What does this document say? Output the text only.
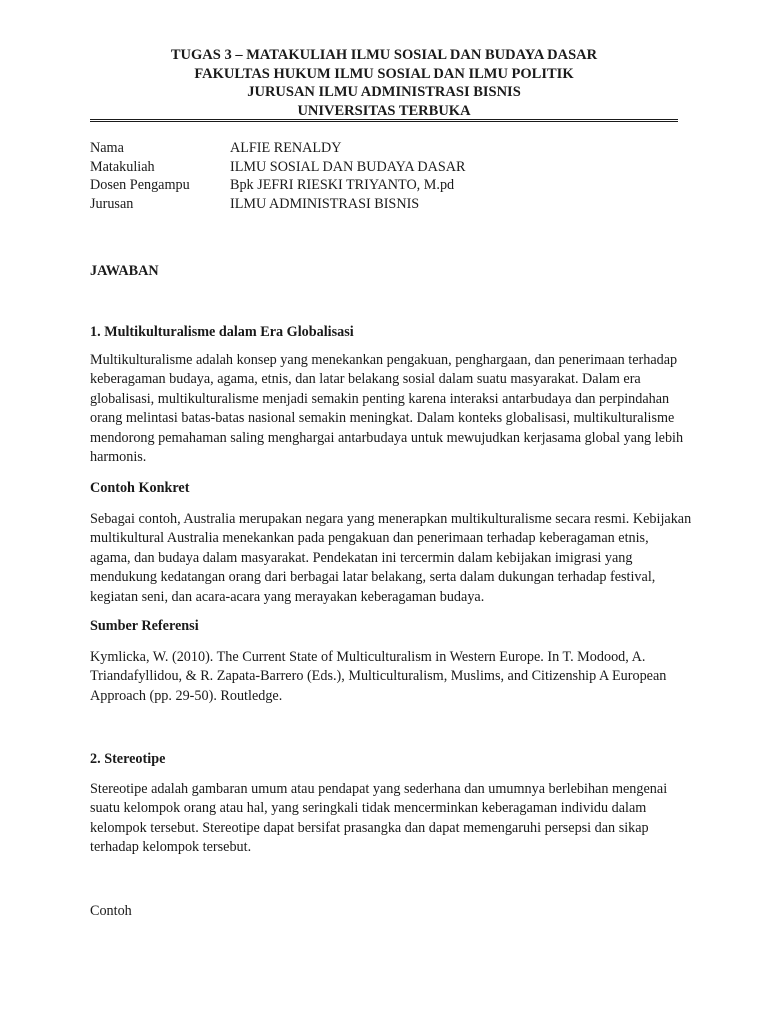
TUGAS 3 – MATAKULIAH ILMU SOSIAL DAN BUDAYA DASAR
FAKULTAS HUKUM ILMU SOSIAL DAN ILMU POLITIK
JURUSAN ILMU ADMINISTRASI BISNIS
UNIVERSITAS TERBUKA
Nama	ALFIE RENALDY
Matakuliah	ILMU SOSIAL DAN BUDAYA DASAR
Dosen Pengampu	Bpk JEFRI RIESKI TRIYANTO, M.pd
Jurusan	ILMU ADMINISTRASI BISNIS
JAWABAN
1. Multikulturalisme dalam Era Globalisasi
Multikulturalisme adalah konsep yang menekankan pengakuan, penghargaan, dan penerimaan terhadap
keberagaman budaya, agama, etnis, dan latar belakang sosial dalam suatu masyarakat. Dalam era
globalisasi, multikulturalisme menjadi semakin penting karena interaksi antarbudaya dan perpindahan
orang melintasi batas-batas nasional semakin meningkat. Dalam konteks globalisasi, multikulturalisme
mendorong pemahaman saling menghargai antarbudaya untuk mewujudkan kerjasama global yang lebih
harmonis.
Contoh Konkret
Sebagai contoh, Australia merupakan negara yang menerapkan multikulturalisme secara resmi. Kebijakan
multikultural Australia menekankan pada pengakuan dan penerimaan terhadap keberagaman etnis,
agama, dan budaya dalam masyarakat. Pendekatan ini tercermin dalam kebijakan imigrasi yang
mendukung kedatangan orang dari berbagai latar belakang, serta dalam dukungan terhadap festival,
kegiatan seni, dan acara-acara yang merayakan keberagaman budaya.
Sumber Referensi
Kymlicka, W. (2010). The Current State of Multiculturalism in Western Europe. In T. Modood, A.
Triandafyllidou, & R. Zapata-Barrero (Eds.), Multiculturalism, Muslims, and Citizenship A European
Approach (pp. 29-50). Routledge.
2. Stereotipe
Stereotipe adalah gambaran umum atau pendapat yang sederhana dan umumnya berlebihan mengenai
suatu kelompok orang atau hal, yang seringkali tidak mencerminkan keberagaman individu dalam
kelompok tersebut. Stereotipe dapat bersifat prasangka dan dapat memengaruhi persepsi dan sikap
terhadap kelompok tersebut.
Contoh
